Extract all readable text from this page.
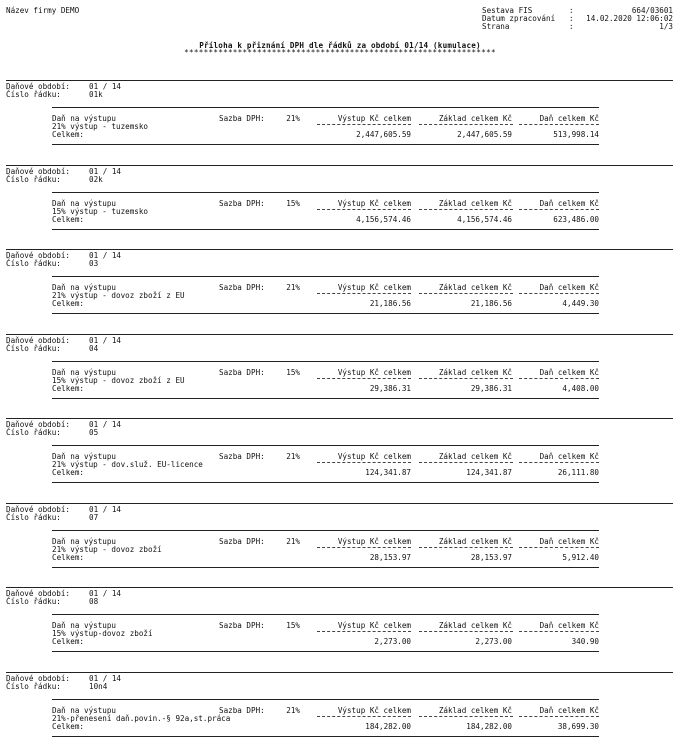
Název firmy DEMO	Sestava FIS	:	664/03601
Datum zpracování :	14.02.2020 12:06:02
Strana	:	1/3
Příloha k přiznání DPH dle řádků za období 01/14 (kumulace)
****************************************************************
Daňové období: 01 / 14
Číslo řádku:	01k
Daň na výstupu	Sazba DPH:	21%	Výstup Kč celkem	Základ celkem Kč	Daň celkem Kč
21% výstup - tuzemsko
Celkem:	2,447,605.59	2,447,605.59	513,998.14
Daňové období: 01 / 14
Číslo řádku:	02k
Daň na výstupu	Sazba DPH:	15%	Výstup Kč celkem	Základ celkem Kč	Daň celkem Kč
15% výstup - tuzemsko
Celkem:	4,156,574.46	4,156,574.46	623,486.00
Daňové období: 01 / 14
Číslo řádku:	03
Daň na výstupu	Sazba DPH:	21%	Výstup Kč celkem	Základ celkem Kč	Daň celkem Kč
21% výstup - dovoz zboží z EU
Celkem:	21,186.56	21,186.56	4,449.30
Daňové období: 01 / 14
Číslo řádku:	04
Daň na výstupu	Sazba DPH:	15%	Výstup Kč celkem	Základ celkem Kč	Daň celkem Kč
15% výstup - dovoz zboží z EU
Celkem:	29,386.31	29,386.31	4,408.00
Daňové období: 01 / 14
Číslo řádku:	05
Daň na výstupu	Sazba DPH:	21%	Výstup Kč celkem	Základ celkem Kč	Daň celkem Kč
21% výstup - dov.služ. EU-licence
Celkem:	124,341.87	124,341.87	26,111.80
Daňové období: 01 / 14
Číslo řádku:	07
Daň na výstupu	Sazba DPH:	21%	Výstup Kč celkem	Základ celkem Kč	Daň celkem Kč
21% výstup - dovoz zboží
Celkem:	28,153.97	28,153.97	5,912.40
Daňové období: 01 / 14
Číslo řádku:	08
Daň na výstupu	Sazba DPH:	15%	Výstup Kč celkem	Základ celkem Kč	Daň celkem Kč
15% výstup-dovoz zboží
Celkem:	2,273.00	2,273.00	340.90
Daňové období: 01 / 14
Číslo řádku:	10n4
Daň na výstupu	Sazba DPH:	21%	Výstup Kč celkem	Základ celkem Kč	Daň celkem Kč
21%-přenesení daň.povin.-§ 92a,st.práca
Celkem:	184,282.00	184,282.00	38,699.30
